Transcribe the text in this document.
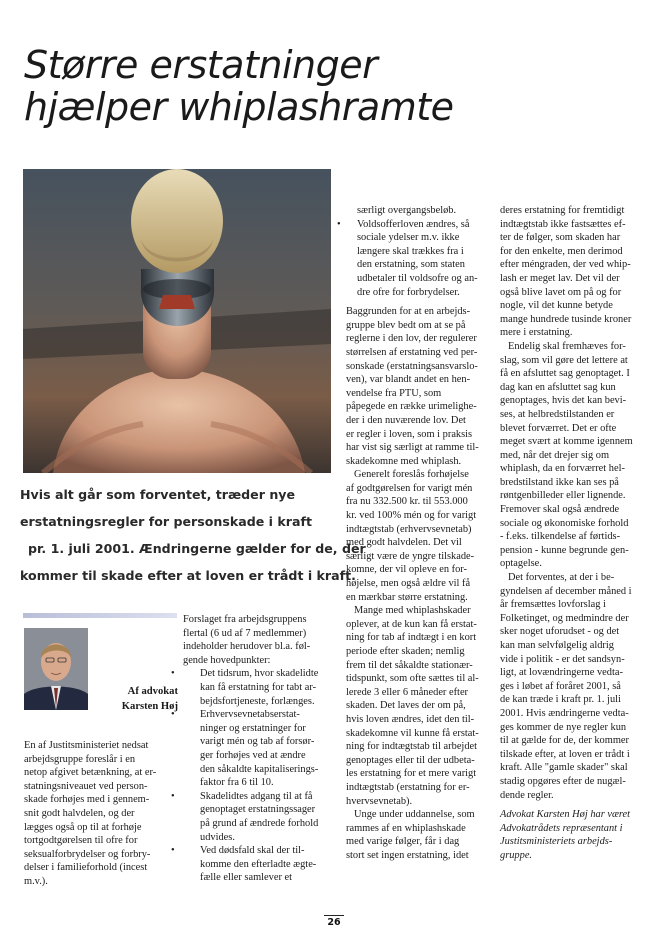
Større erstatninger
hjælper whiplashramte

Hvis alt går som forventet, træder nye
erstatningsregler for personskade i kraft
pr. 1. juli 2001. Ændringerne gælder for de, der
kommer til skade efter at loven er trådt i kraft.

Af advokat
Karsten Høj

En af Justitsministeriet nedsat
arbejdsgruppe foreslår i en
netop afgivet betænkning, at er-
statningsniveauet ved person-
skade forhøjes med i gennem-
snit godt halvdelen, og der
lægges også op til at forhøje
tortgodtgørelsen til ofre for
seksualforbrydelser og forbry-
delser i familieforhold (incest
m.v.).
Forslaget fra arbejdsgruppens
flertal (6 ud af 7 medlemmer)
indeholder herudover bl.a. føl-
gende hovedpunkter:
• Det tidsrum, hvor skadelidte
kan få erstatning for tabt ar-
bejdsfortjeneste, forlænges.
• Erhvervsevnetabserstat-
ninger og erstatninger for
varigt mén og tab af forsør-
ger forhøjes ved at ændre
den såkaldte kapitaliserings-
faktor fra 6 til 10.
• Skadelidtes adgang til at få
genoptaget erstatningssager
på grund af ændrede forhold
udvides.
• Ved dødsfald skal der til-
komme den efterladte ægte-
fælle eller samlever et
særligt overgangsbeløb.
• Voldsofferloven ændres, så
sociale ydelser m.v. ikke
længere skal trækkes fra i
den erstatning, som staten
udbetaler til voldsofre og an-
dre ofre for forbrydelser.
Baggrunden for at en arbejds-
gruppe blev bedt om at se på
reglerne i den lov, der regulerer
størrelsen af erstatning ved per-
sonskade (erstatningsansvarslo-
ven), var blandt andet en hen-
vendelse fra PTU, som
påpegede en række urimelighe-
der i den nuværende lov. Det
er regler i loven, som i praksis
har vist sig særligt at ramme til-
skadekomne med whiplash.
Generelt foreslås forhøjelse
af godtgørelsen for varigt mén
fra nu 332.500 kr. til 553.000
kr. ved 100% mén og for varigt
indtægtstab (erhvervsevnetab)
med godt halvdelen. Det vil
særligt være de yngre tilskade-
komne, der vil opleve en for-
højelse, men også ældre vil få
en mærkbar større erstatning.
Mange med whiplashskader
oplever, at de kun kan få erstat-
ning for tab af indtægt i en kort
periode efter skaden; nemlig
frem til det såkaldte stationær-
tidspunkt, som ofte sættes til al-
lerede 3 eller 6 måneder efter
skaden. Det laves der om på,
hvis loven ændres, idet den til-
skadekomne vil kunne få erstat-
ning for indtægtstab til arbejdet
genoptages eller til der udbeta-
les erstatning for et mere varigt
indtægtstab (erstatning for er-
hvervsevnetab).
Unge under uddannelse, som
rammes af en whiplashskade
med varige følger, får i dag
stort set ingen erstatning, idet
deres erstatning for fremtidigt
indtægtstab ikke fastsættes ef-
ter de følger, som skaden har
for den enkelte, men derimod
efter méngraden, der ved whip-
lash er meget lav. Det vil der
også blive lavet om på og for
nogle, vil det kunne betyde
mange hundrede tusinde kroner
mere i erstatning.
Endelig skal fremhæves for-
slag, som vil gøre det lettere at
få en afsluttet sag genoptaget. I
dag kan en afsluttet sag kun
genoptages, hvis det kan bevi-
ses, at helbredstilstanden er
blevet forværret. Det er ofte
meget svært at komme igennem
med, når det drejer sig om
whiplash, da en forværret hel-
bredstilstand ikke kan ses på
røntgenbilleder eller lignende.
Fremover skal også ændrede
sociale og økonomiske forhold
- f.eks. tilkendelse af førtids-
pension - kunne begrunde gen-
optagelse.
Det forventes, at der i be-
gyndelsen af december måned i
år fremsættes lovforslag i
Folketinget, og medmindre der
sker noget uforudset - og det
kan man selvfølgelig aldrig
vide i politik - er det sandsyn-
ligt, at lovændringerne vedta-
ges i løbet af foråret 2001, så
de kan træde i kraft pr. 1. juli
2001. Hvis ændringerne vedta-
ges kommer de nye regler kun
til at gælde for de, der kommer
tilskade efter, at loven er trådt i
kraft. Alle "gamle skader" skal
stadig opgøres efter de nugæl-
dende regler.
Advokat Karsten Høj har været
Advokatrådets repræsentant i
Justitsministeriets arbejds-
gruppe.
26
